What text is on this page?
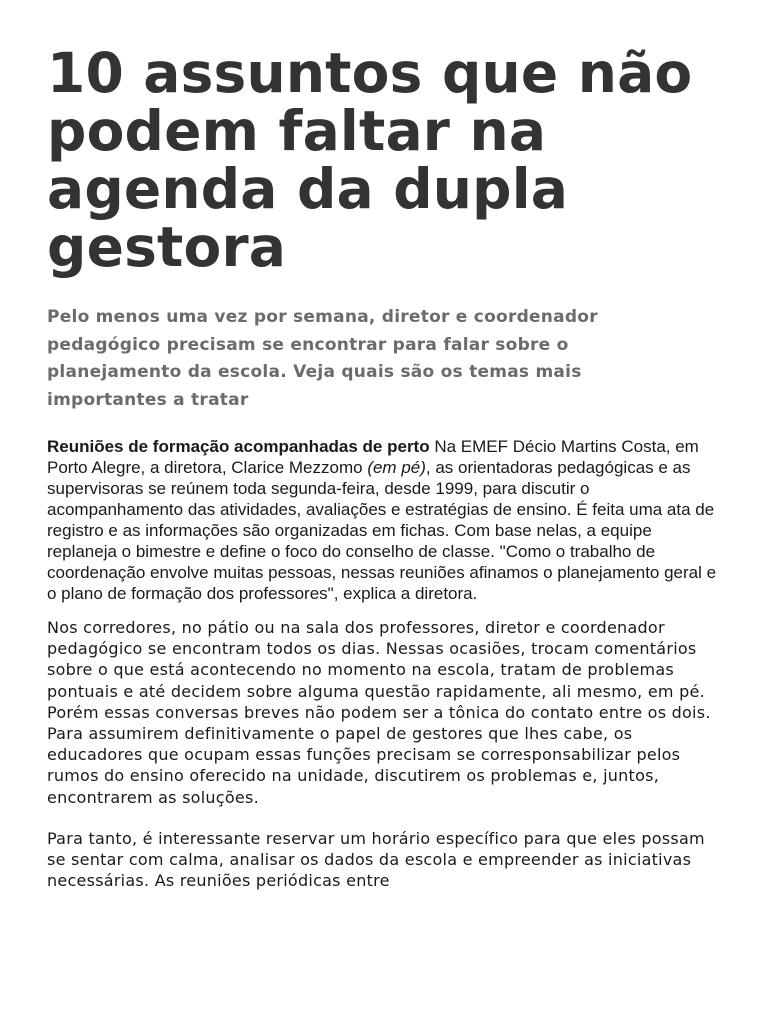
10 assuntos que não podem faltar na agenda da dupla gestora

Pelo menos uma vez por semana, diretor e coordenador pedagógico precisam se encontrar para falar sobre o planejamento da escola. Veja quais são os temas mais importantes a tratar

Reuniões de formação acompanhadas de perto Na EMEF Décio Martins Costa, em Porto Alegre, a diretora, Clarice Mezzomo (em pé), as orientadoras pedagógicas e as supervisoras se reúnem toda segunda-feira, desde 1999, para discutir o acompanhamento das atividades, avaliações e estratégias de ensino. É feita uma ata de registro e as informações são organizadas em fichas. Com base nelas, a equipe replaneja o bimestre e define o foco do conselho de classe. "Como o trabalho de coordenação envolve muitas pessoas, nessas reuniões afinamos o planejamento geral e o plano de formação dos professores", explica a diretora.

Nos corredores, no pátio ou na sala dos professores, diretor e coordenador pedagógico se encontram todos os dias. Nessas ocasiões, trocam comentários sobre o que está acontecendo no momento na escola, tratam de problemas pontuais e até decidem sobre alguma questão rapidamente, ali mesmo, em pé. Porém essas conversas breves não podem ser a tônica do contato entre os dois. Para assumirem definitivamente o papel de gestores que lhes cabe, os educadores que ocupam essas funções precisam se corresponsabilizar pelos rumos do ensino oferecido na unidade, discutirem os problemas e, juntos, encontrarem as soluções.

Para tanto, é interessante reservar um horário específico para que eles possam se sentar com calma, analisar os dados da escola e empreender as iniciativas necessárias. As reuniões periódicas entre
